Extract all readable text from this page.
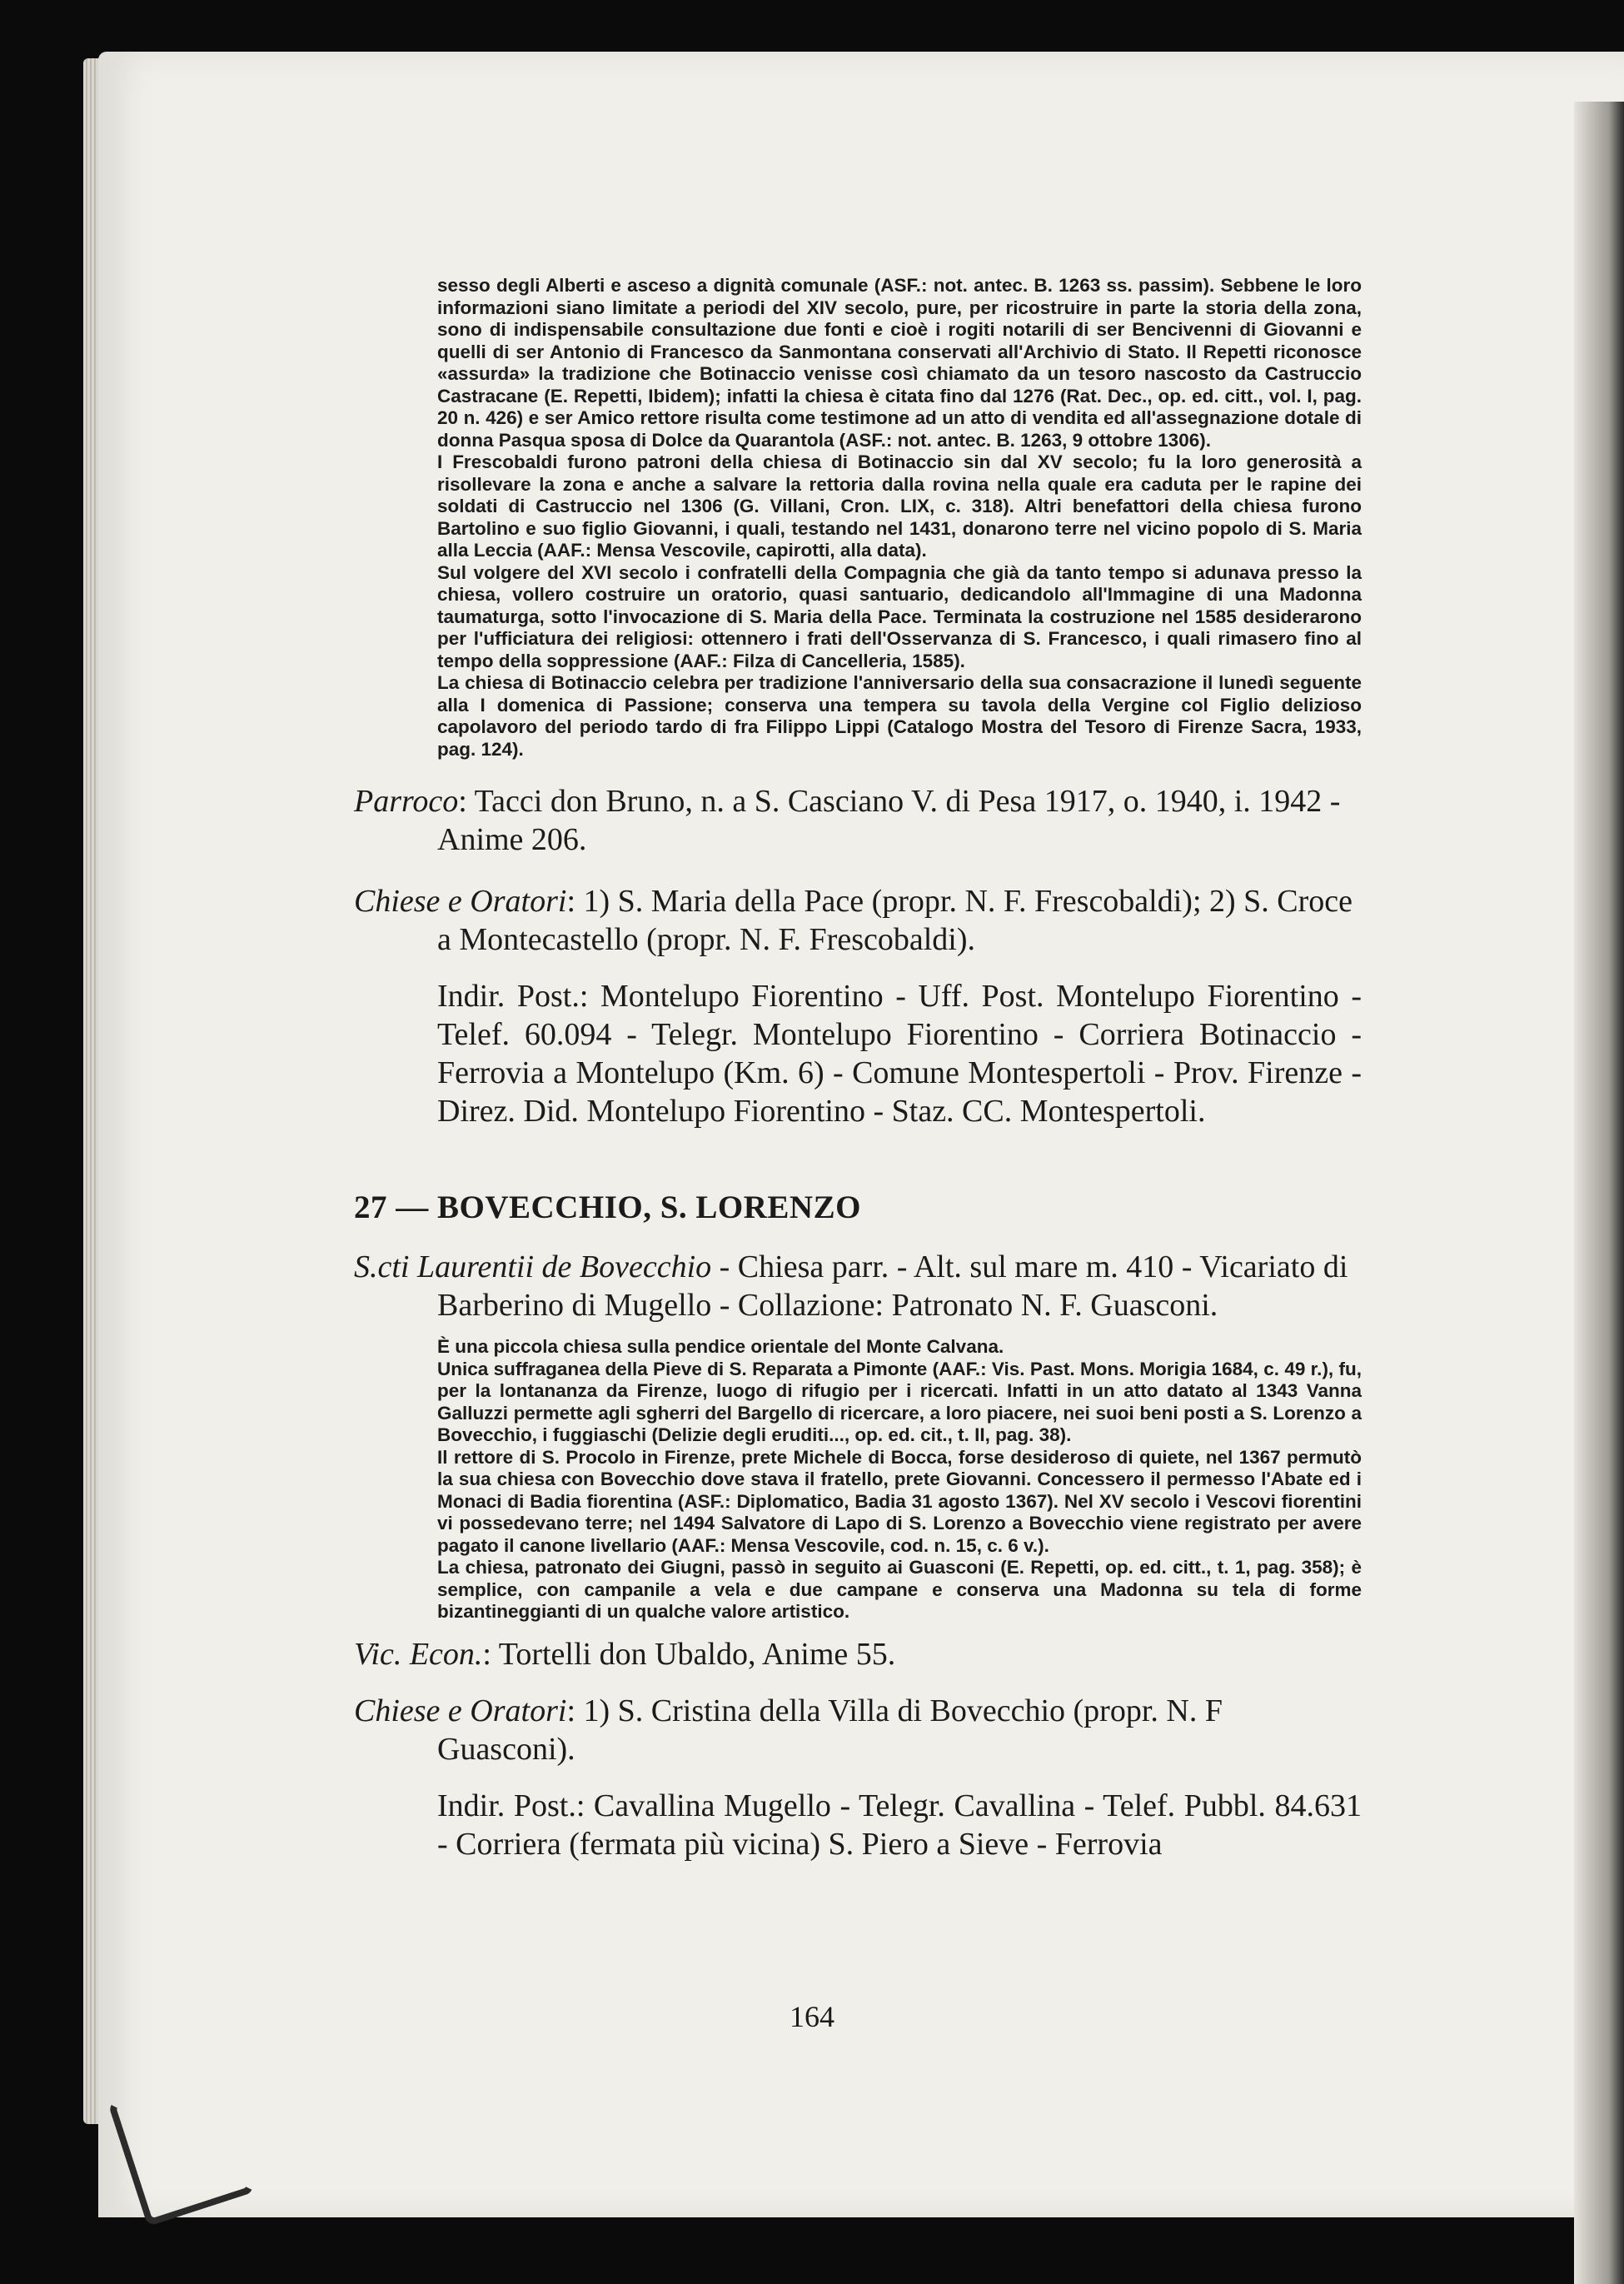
sesso degli Alberti e asceso a dignità comunale (ASF.: not. antec. B. 1263 ss. passim). Sebbene le loro informazioni siano limitate a periodi del XIV secolo, pure, per ricostruire in parte la storia della zona, sono di indispensabile consultazione due fonti e cioè i rogiti notarili di ser Bencivenni di Giovanni e quelli di ser Antonio di Francesco da Sanmontana conservati all'Archivio di Stato. Il Repetti riconosce «assurda» la tradizione che Botinaccio venisse così chiamato da un tesoro nascosto da Castruccio Castracane (E. Repetti, Ibidem); infatti la chiesa è citata fino dal 1276 (Rat. Dec., op. ed. citt., vol. I, pag. 20 n. 426) e ser Amico rettore risulta come testimone ad un atto di vendita ed all'assegnazione dotale di donna Pasqua sposa di Dolce da Quarantola (ASF.: not. antec. B. 1263, 9 ottobre 1306).

I Frescobaldi furono patroni della chiesa di Botinaccio sin dal XV secolo; fu la loro generosità a risollevare la zona e anche a salvare la rettoria dalla rovina nella quale era caduta per le rapine dei soldati di Castruccio nel 1306 (G. Villani, Cron. LIX, c. 318). Altri benefattori della chiesa furono Bartolino e suo figlio Giovanni, i quali, testando nel 1431, donarono terre nel vicino popolo di S. Maria alla Leccia (AAF.: Mensa Vescovile, capirotti, alla data).

Sul volgere del XVI secolo i confratelli della Compagnia che già da tanto tempo si adunava presso la chiesa, vollero costruire un oratorio, quasi santuario, dedicandolo all'Immagine di una Madonna taumaturga, sotto l'invocazione di S. Maria della Pace. Terminata la costruzione nel 1585 desiderarono per l'ufficiatura dei religiosi: ottennero i frati dell'Osservanza di S. Francesco, i quali rimasero fino al tempo della soppressione (AAF.: Filza di Cancelleria, 1585).

La chiesa di Botinaccio celebra per tradizione l'anniversario della sua consacrazione il lunedì seguente alla I domenica di Passione; conserva una tempera su tavola della Vergine col Figlio delizioso capolavoro del periodo tardo di fra Filippo Lippi (Catalogo Mostra del Tesoro di Firenze Sacra, 1933, pag. 124).

Parroco: Tacci don Bruno, n. a S. Casciano V. di Pesa 1917, o. 1940, i. 1942 - Anime 206.

Chiese e Oratori: 1) S. Maria della Pace (propr. N. F. Frescobaldi); 2) S. Croce a Montecastello (propr. N. F. Frescobaldi).

Indir. Post.: Montelupo Fiorentino - Uff. Post. Montelupo Fiorentino - Telef. 60.094 - Telegr. Montelupo Fiorentino - Corriera Botinaccio - Ferrovia a Montelupo (Km. 6) - Comune Montespertoli - Prov. Firenze - Direz. Did. Montelupo Fiorentino - Staz. CC. Montespertoli.

27 — BOVECCHIO, S. LORENZO

S.cti Laurentii de Bovecchio - Chiesa parr. - Alt. sul mare m. 410 - Vicariato di Barberino di Mugello - Collazione: Patronato N. F. Guasconi.

È una piccola chiesa sulla pendice orientale del Monte Calvana.

Unica suffraganea della Pieve di S. Reparata a Pimonte (AAF.: Vis. Past. Mons. Morigia 1684, c. 49 r.), fu, per la lontananza da Firenze, luogo di rifugio per i ricercati. Infatti in un atto datato al 1343 Vanna Galluzzi permette agli sgherri del Bargello di ricercare, a loro piacere, nei suoi beni posti a S. Lorenzo a Bovecchio, i fuggiaschi (Delizie degli eruditi..., op. ed. cit., t. II, pag. 38).

Il rettore di S. Procolo in Firenze, prete Michele di Bocca, forse desideroso di quiete, nel 1367 permutò la sua chiesa con Bovecchio dove stava il fratello, prete Giovanni. Concessero il permesso l'Abate ed i Monaci di Badia fiorentina (ASF.: Diplomatico, Badia 31 agosto 1367). Nel XV secolo i Vescovi fiorentini vi possedevano terre; nel 1494 Salvatore di Lapo di S. Lorenzo a Bovecchio viene registrato per avere pagato il canone livellario (AAF.: Mensa Vescovile, cod. n. 15, c. 6 v.).

La chiesa, patronato dei Giugni, passò in seguito ai Guasconi (E. Repetti, op. ed. citt., t. 1, pag. 358); è semplice, con campanile a vela e due campane e conserva una Madonna su tela di forme bizantineggianti di un qualche valore artistico.

Vic. Econ.: Tortelli don Ubaldo, Anime 55.

Chiese e Oratori: 1) S. Cristina della Villa di Bovecchio (propr. N. F Guasconi).

Indir. Post.: Cavallina Mugello - Telegr. Cavallina - Telef. Pubbl. 84.631 - Corriera (fermata più vicina) S. Piero a Sieve - Ferrovia

164
